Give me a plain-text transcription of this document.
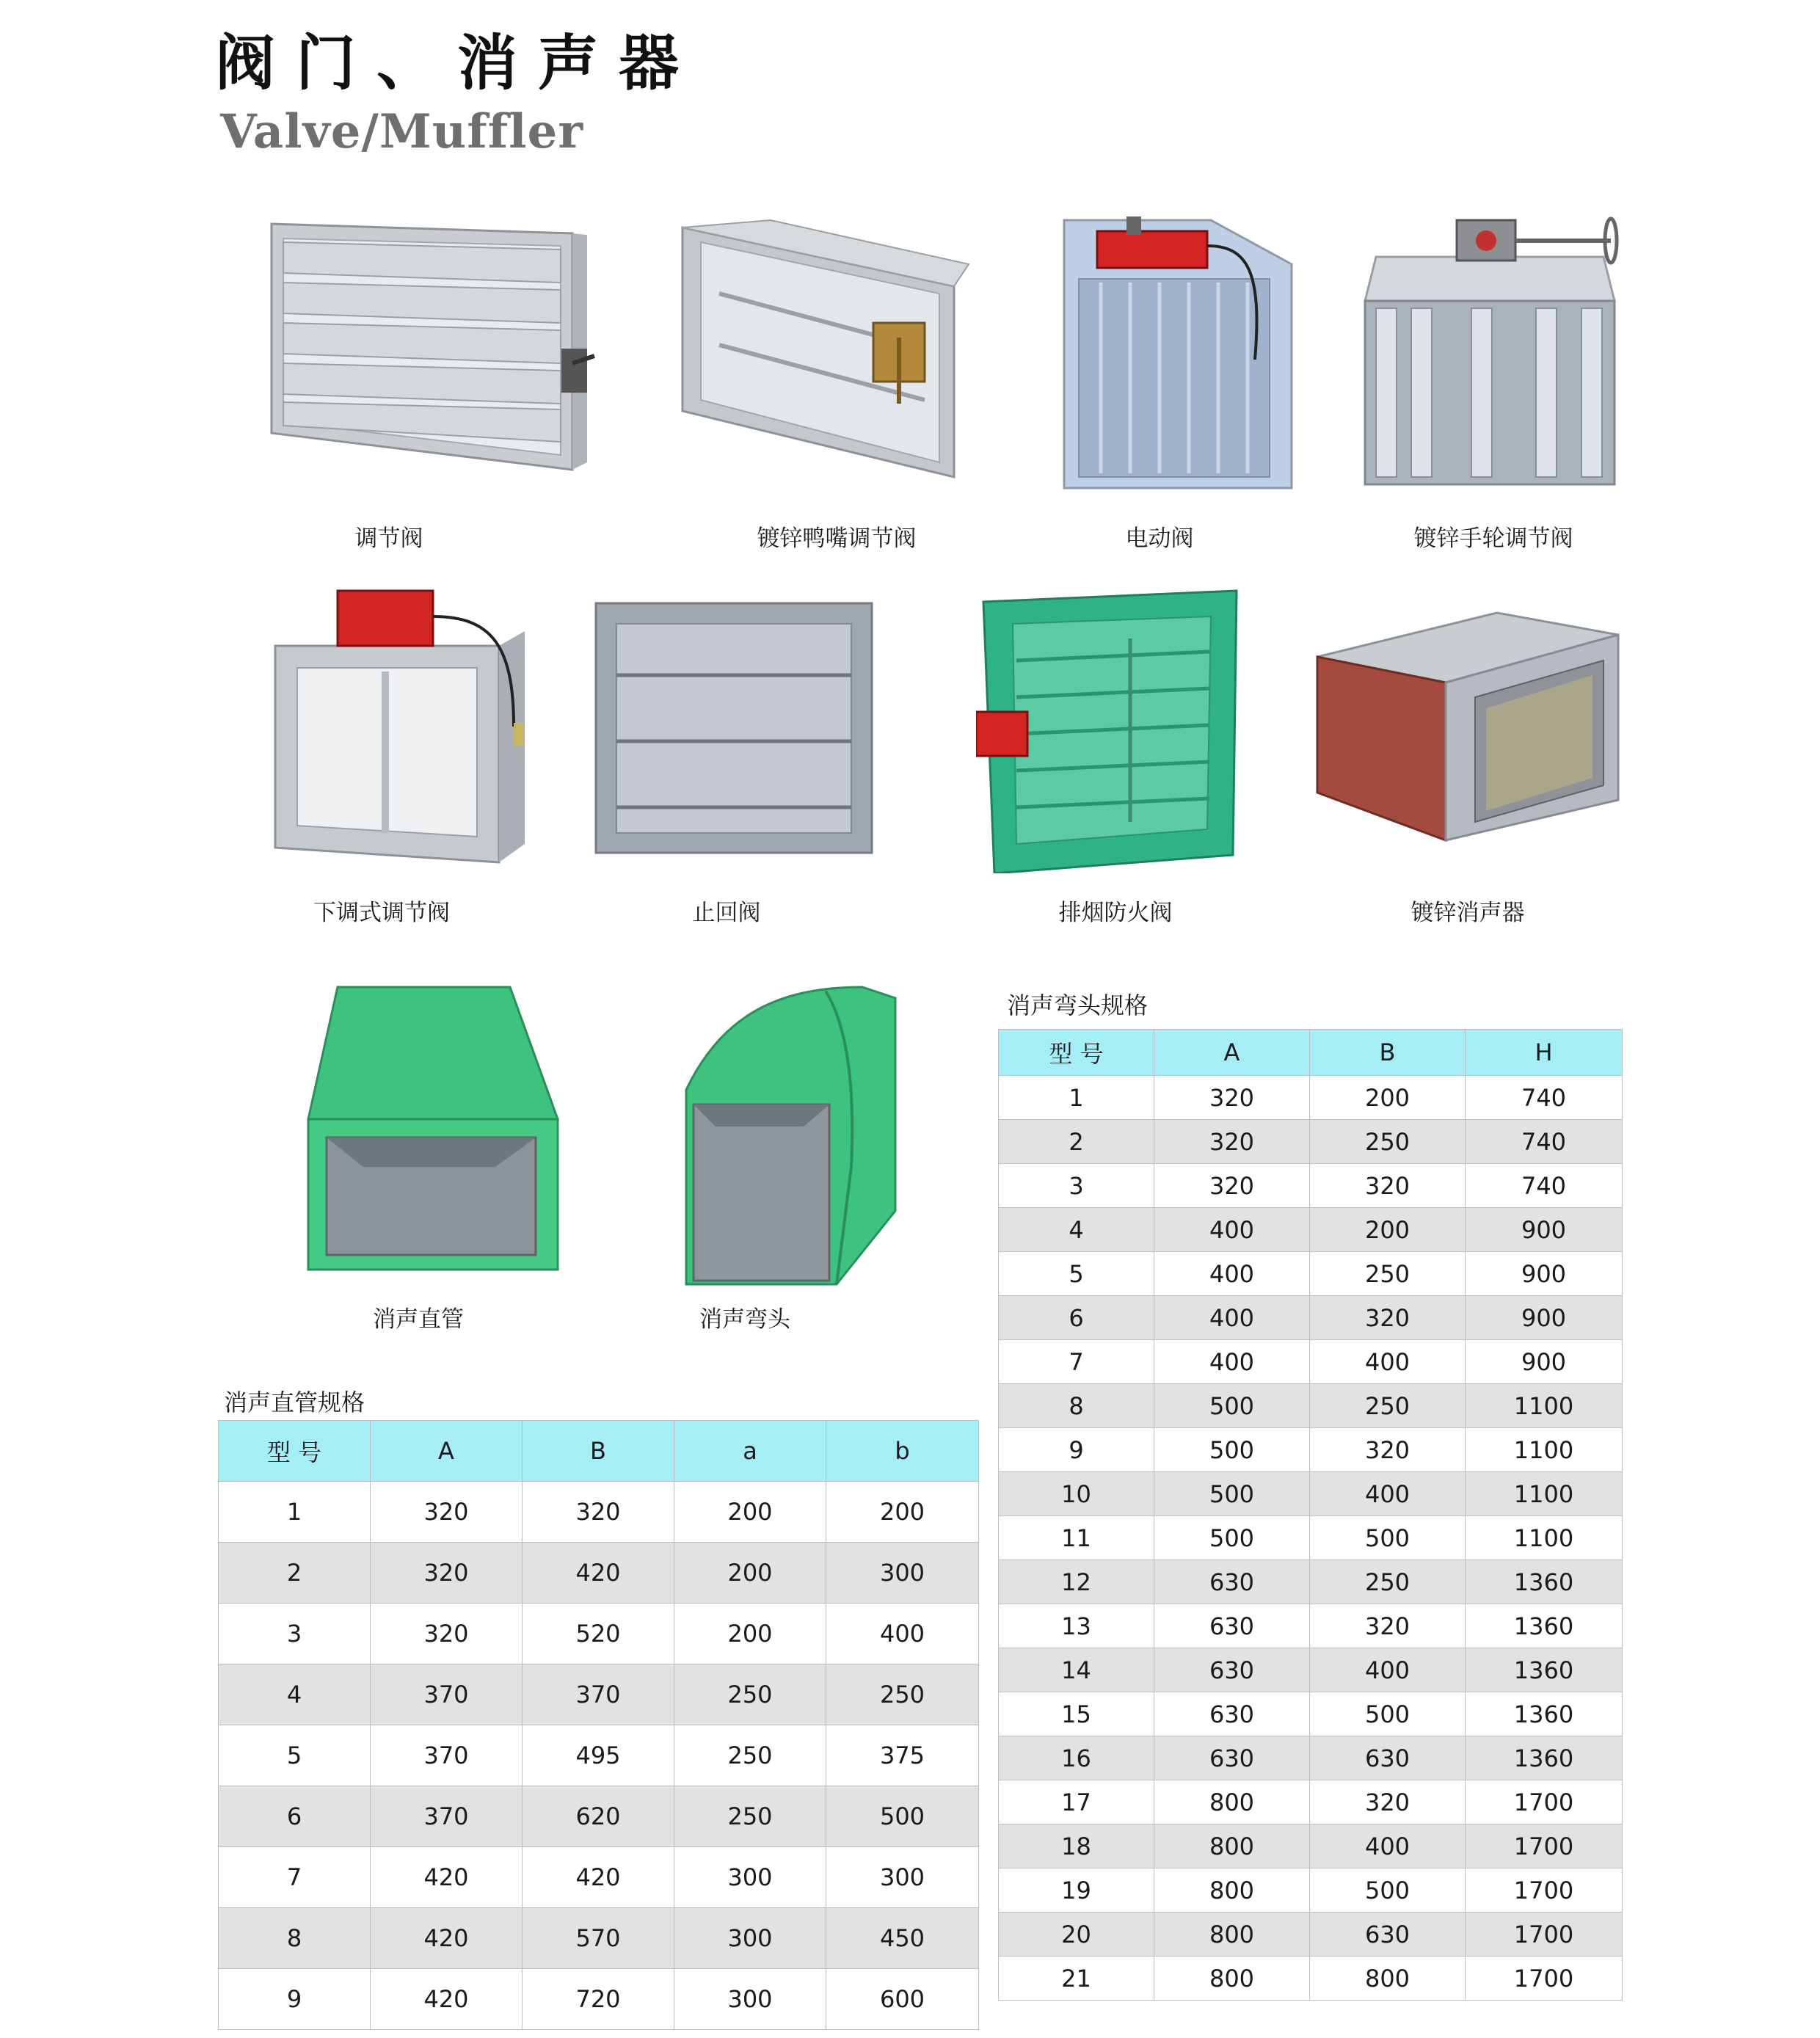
阀门、消声器
Valve/Muffler
调节阀	镀锌鸭嘴调节阀	电动阀	镀锌手轮调节阀
下调式调节阀	止回阀	排烟防火阀	镀锌消声器
消声直管	消声弯头
消声弯头规格
型 号	A	B	H
1	320	200	740
2	320	250	740
3	320	320	740
4	400	200	900
5	400	250	900
6	400	320	900
7	400	400	900
8	500	250	1100
9	500	320	1100
10	500	400	1100
11	500	500	1100
12	630	250	1360
13	630	320	1360
14	630	400	1360
15	630	500	1360
16	630	630	1360
17	800	320	1700
18	800	400	1700
19	800	500	1700
20	800	630	1700
21	800	800	1700
消声直管规格
型 号	A	B	a	b
1	320	320	200	200
2	320	420	200	300
3	320	520	200	400
4	370	370	250	250
5	370	495	250	375
6	370	620	250	500
7	420	420	300	300
8	420	570	300	450
9	420	720	300	600
